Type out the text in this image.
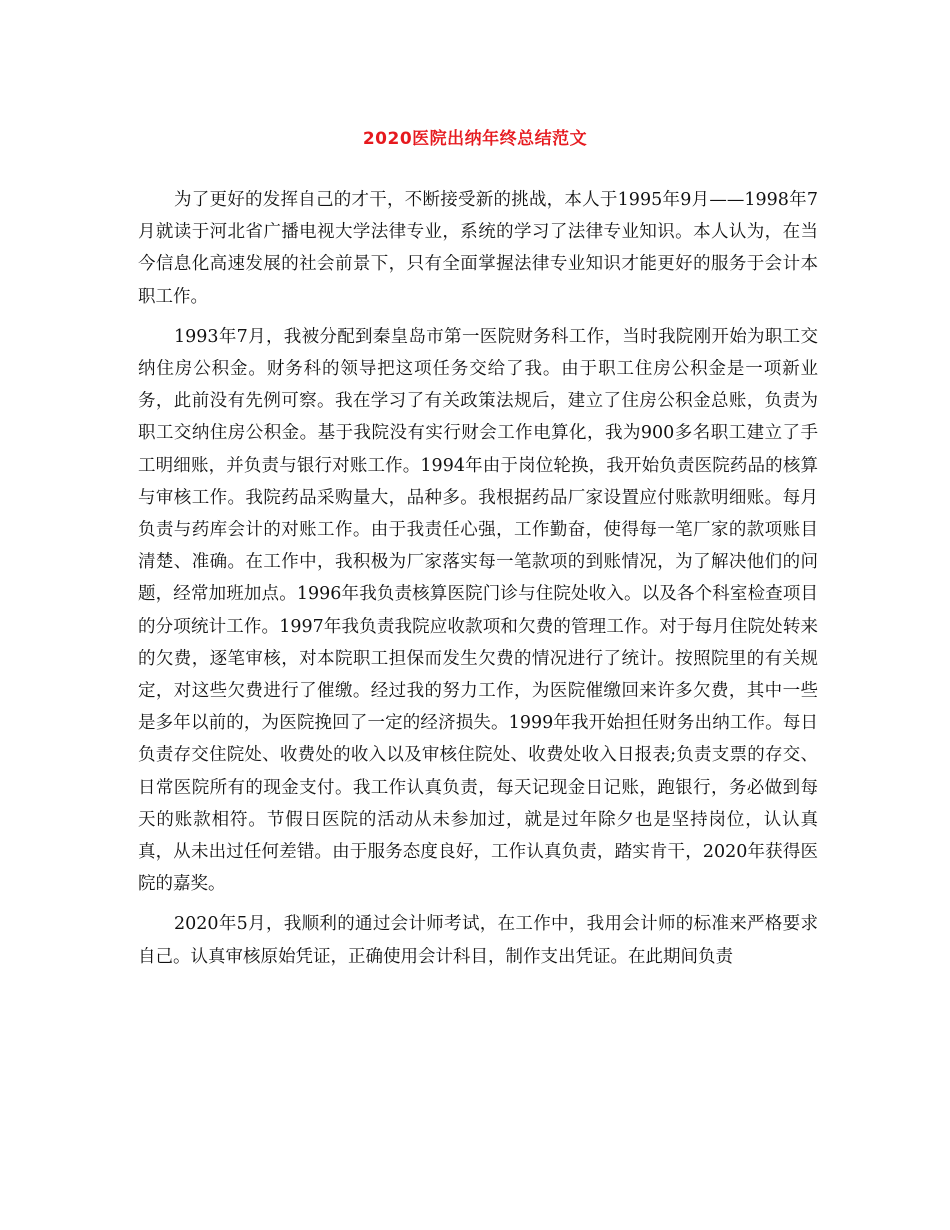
2020医院出纳年终总结范文

为了更好的发挥自己的才干，不断接受新的挑战，本人于1995年9月——1998年7月就读于河北省广播电视大学法律专业，系统的学习了法律专业知识。本人认为，在当今信息化高速发展的社会前景下，只有全面掌握法律专业知识才能更好的服务于会计本职工作。

1993年7月，我被分配到秦皇岛市第一医院财务科工作，当时我院刚开始为职工交纳住房公积金。财务科的领导把这项任务交给了我。由于职工住房公积金是一项新业务，此前没有先例可察。我在学习了有关政策法规后，建立了住房公积金总账，负责为职工交纳住房公积金。基于我院没有实行财会工作电算化，我为900多名职工建立了手工明细账，并负责与银行对账工作。1994年由于岗位轮换，我开始负责医院药品的核算与审核工作。我院药品采购量大，品种多。我根据药品厂家设置应付账款明细账。每月负责与药库会计的对账工作。由于我责任心强，工作勤奋，使得每一笔厂家的款项账目清楚、准确。在工作中，我积极为厂家落实每一笔款项的到账情况，为了解决他们的问题，经常加班加点。1996年我负责核算医院门诊与住院处收入。以及各个科室检查项目的分项统计工作。1997年我负责我院应收款项和欠费的管理工作。对于每月住院处转来的欠费，逐笔审核，对本院职工担保而发生欠费的情况进行了统计。按照院里的有关规定，对这些欠费进行了催缴。经过我的努力工作，为医院催缴回来许多欠费，其中一些是多年以前的，为医院挽回了一定的经济损失。1999年我开始担任财务出纳工作。每日负责存交住院处、收费处的收入以及审核住院处、收费处收入日报表;负责支票的存交、日常医院所有的现金支付。我工作认真负责，每天记现金日记账，跑银行，务必做到每天的账款相符。节假日医院的活动从未参加过，就是过年除夕也是坚持岗位，认认真真，从未出过任何差错。由于服务态度良好，工作认真负责，踏实肯干，2020年获得医院的嘉奖。

2020年5月，我顺利的通过会计师考试，在工作中，我用会计师的标准来严格要求自己。认真审核原始凭证，正确使用会计科目，制作支出凭证。在此期间负责
